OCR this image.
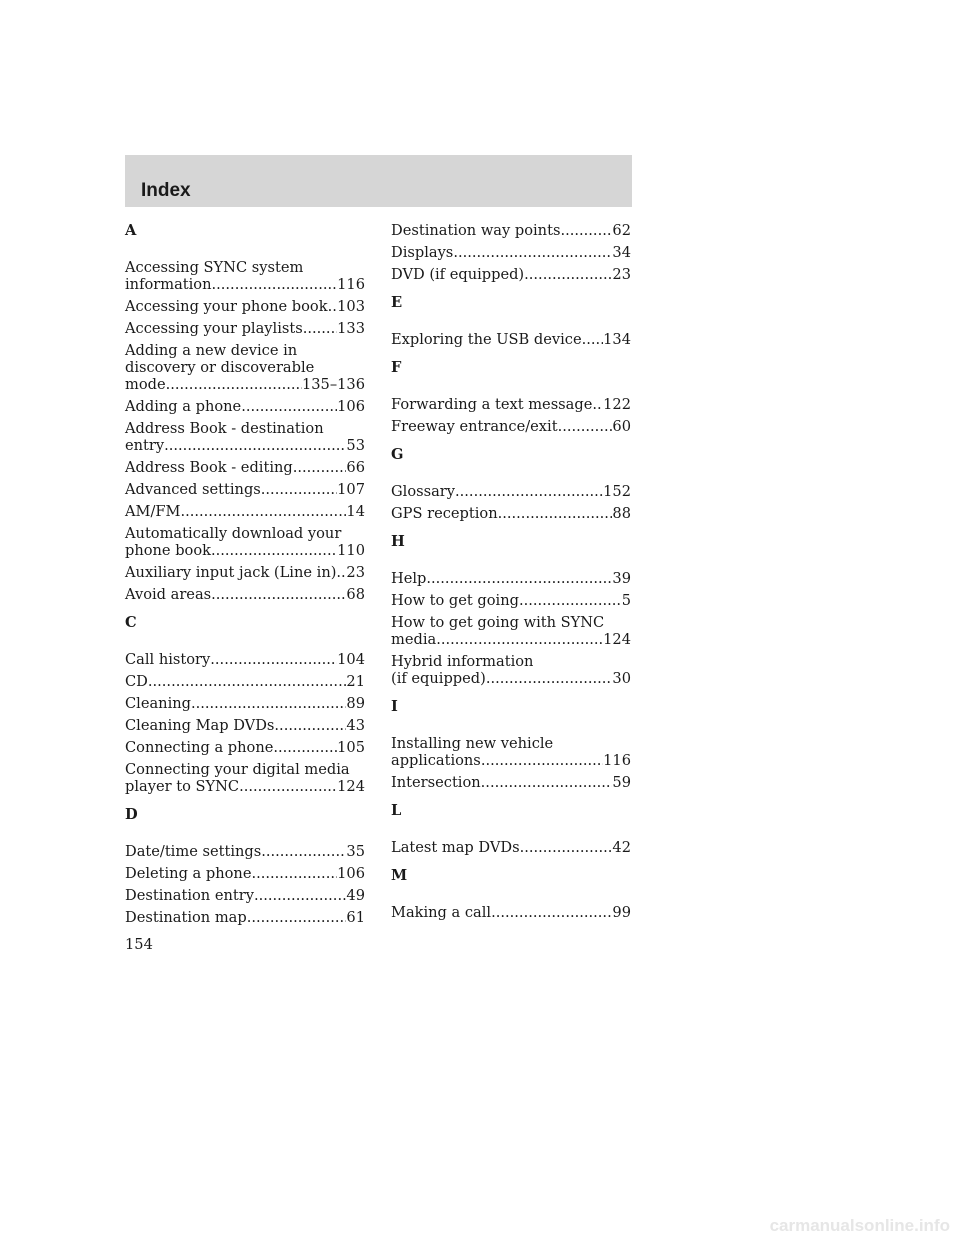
Index
A
Accessing SYNC system
information .....	116
Accessing your phone book ..... 103
Accessing your playlists ..... 133
Adding a new device in
discovery or discoverable
mode .....	135–136
Adding a phone .....	106
Address Book - destination
entry .....	53
Address Book - editing .....	66
Advanced settings .....	107
AM/FM .....	14
Automatically download your
phone book .....	110
Auxiliary input jack (Line in) ..... 23
Avoid areas .....	68
C
Call history .....	104
CD .....	21
Cleaning .....	89
Cleaning Map DVDs .....	43
Connecting a phone .....	105
Connecting your digital media
player to SYNC .....	124
D
Date/time settings .....	35
Deleting a phone .....	106
Destination entry .....	49
Destination map .....	61
Destination way points .....	62
Displays .....	34
DVD (if equipped) .....	23
E
Exploring the USB device ..... 134
F
Forwarding a text message ..... 122
Freeway entrance/exit .....	60
G
Glossary .....	152
GPS reception .....	88
H
Help .....	39
How to get going .....	5
How to get going with SYNC
media .....	124
Hybrid information
(if equipped) .....	30
I
Installing new vehicle
applications .....	116
Intersection .....	59
L
Latest map DVDs .....	42
M
Making a call .....	99
154
carmanualsonline.info
